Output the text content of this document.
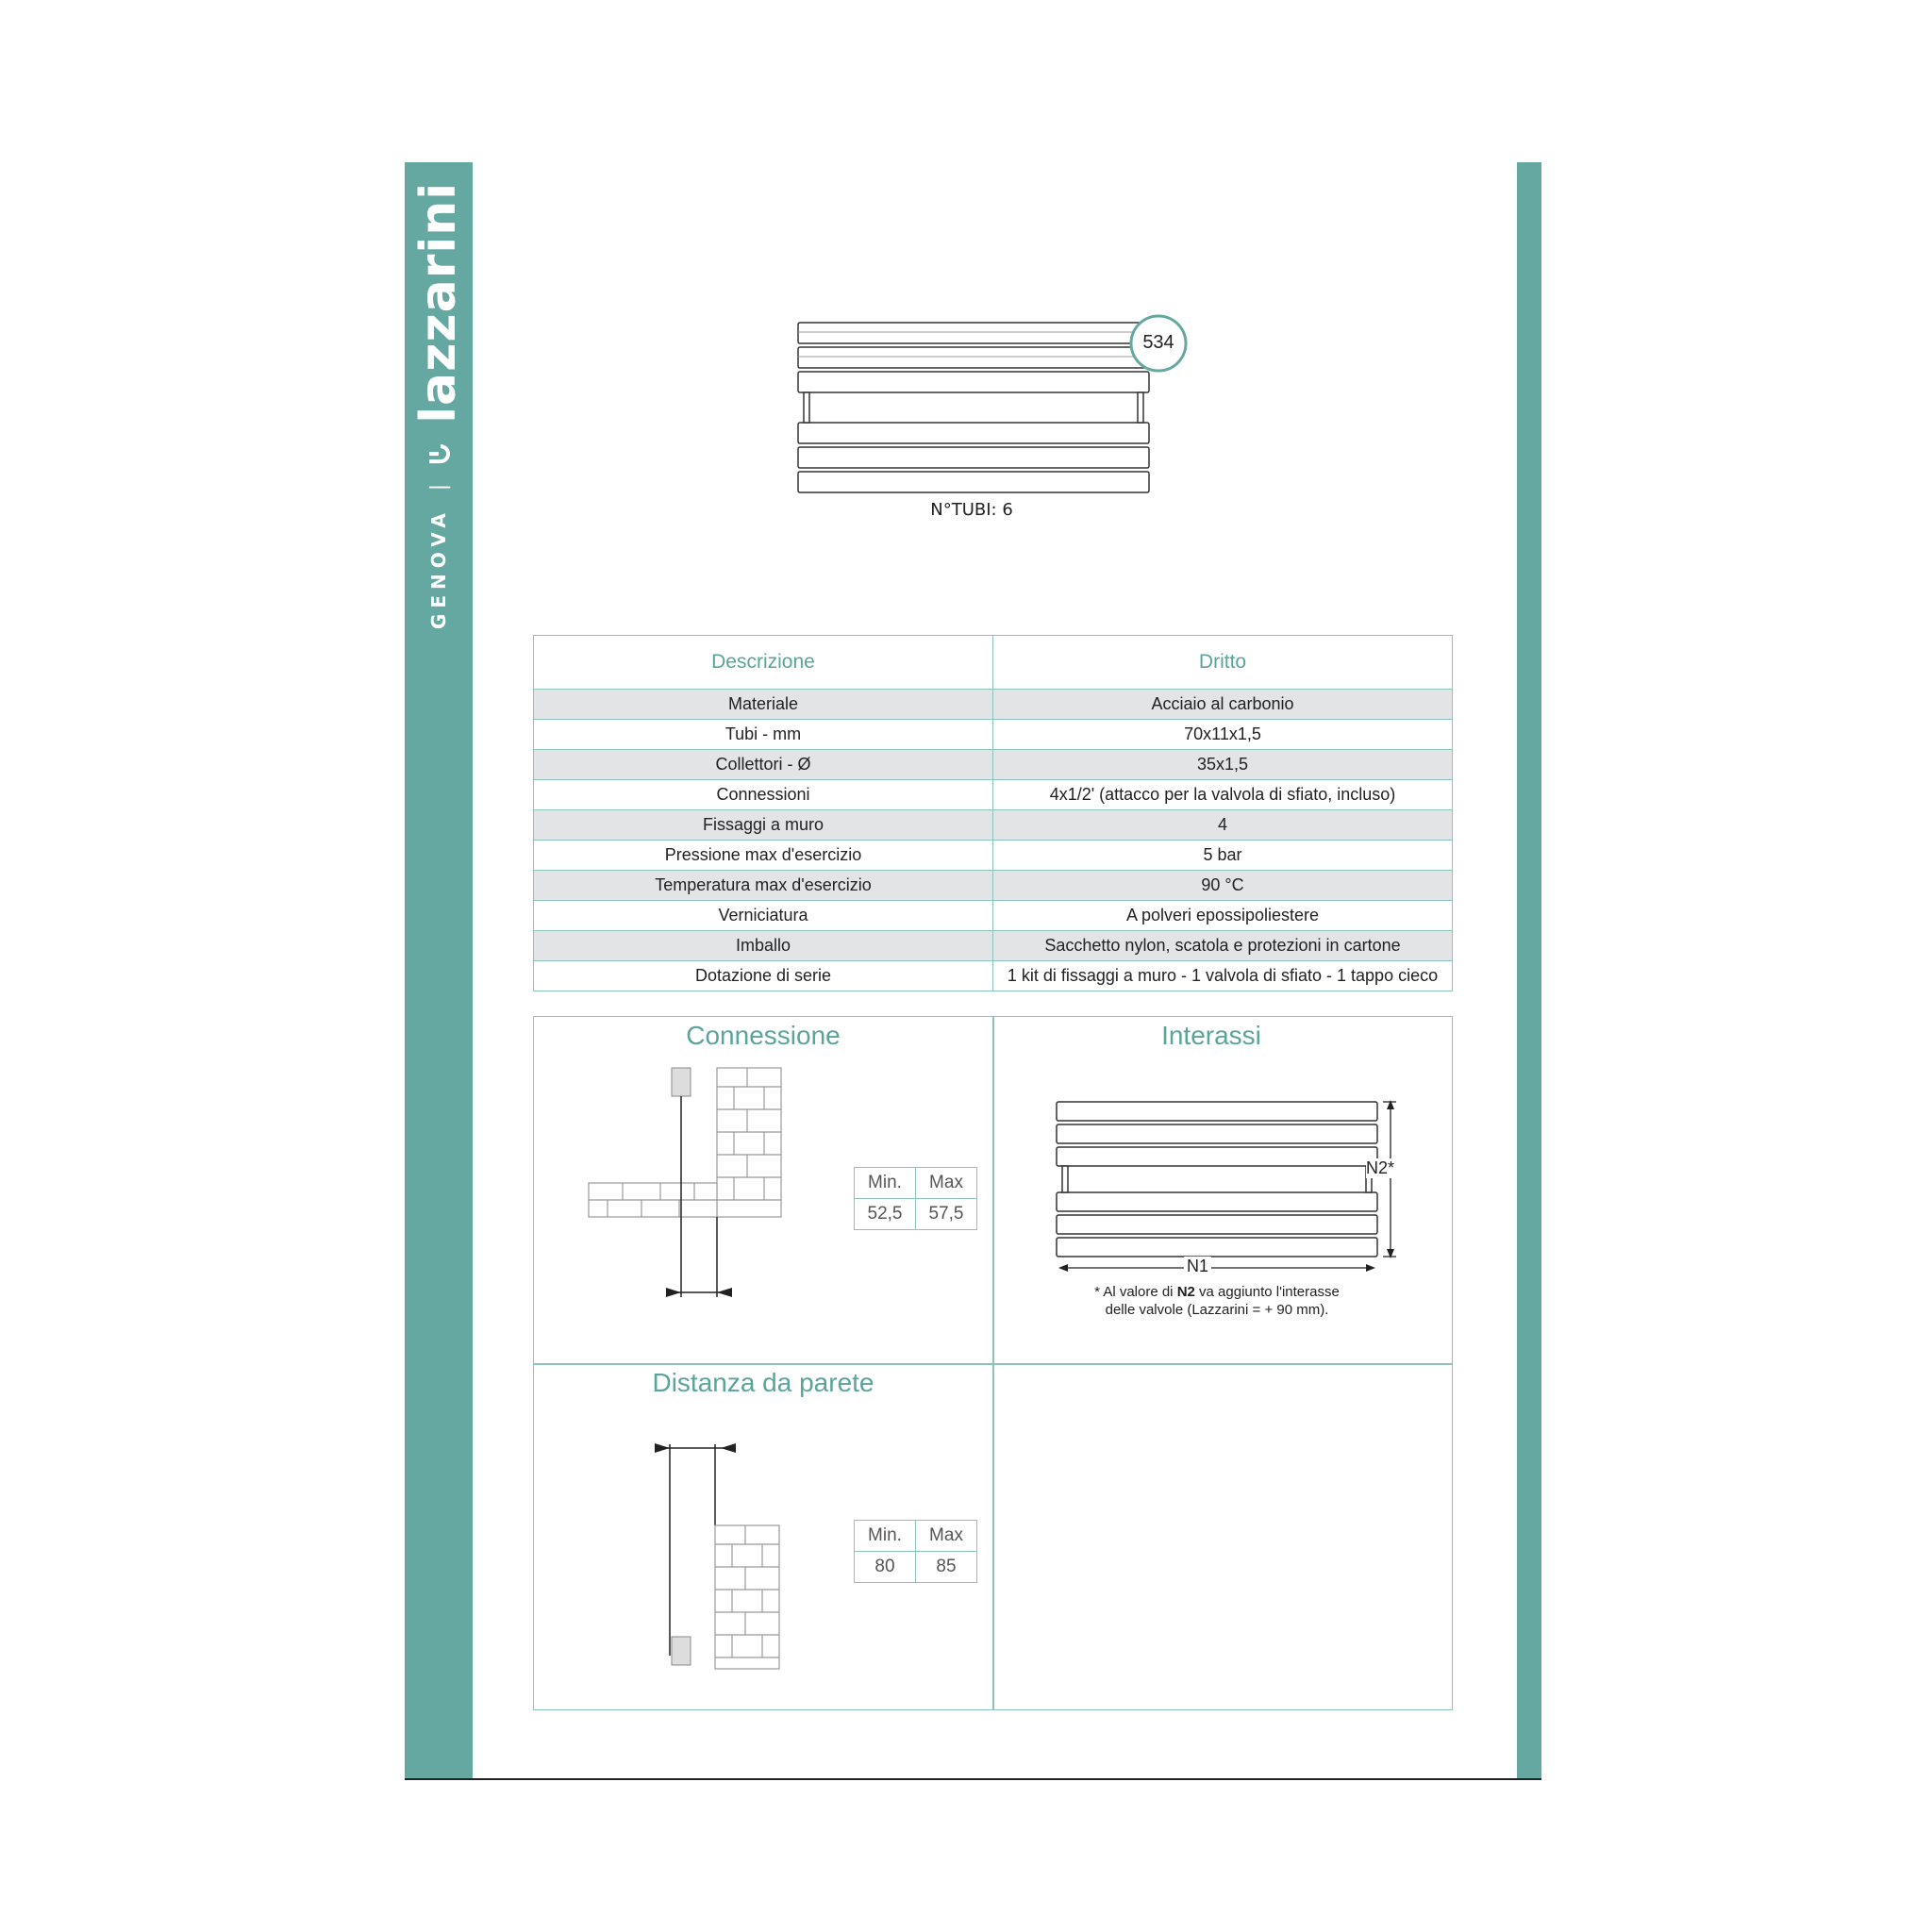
GENOVA
|
lazzarini	534
N°TUBI: 6
Descrizione	Dritto
Materiale	Acciaio al carbonio
Tubi - mm	70x11x1,5
Collettori - Ø	35x1,5
Connessioni	4x1/2' (attacco per la valvola di sfiato, incluso)
Fissaggi a muro	4
Pressione max d'esercizio	5 bar
Temperatura max d'esercizio	90 °C
Verniciatura	A polveri epossipoliestere
Imballo	Sacchetto nylon, scatola e protezioni in cartone
Dotazione di serie	1 kit di fissaggi a muro - 1 valvola di sfiato - 1 tappo cieco
Connessione
Min.	Max
52,5	57,5
Interassi
N2*
N1
* Al valore di N2 va aggiunto l'interasse
delle valvole (Lazzarini = + 90 mm).
Distanza da parete
Min.	Max
80	85
